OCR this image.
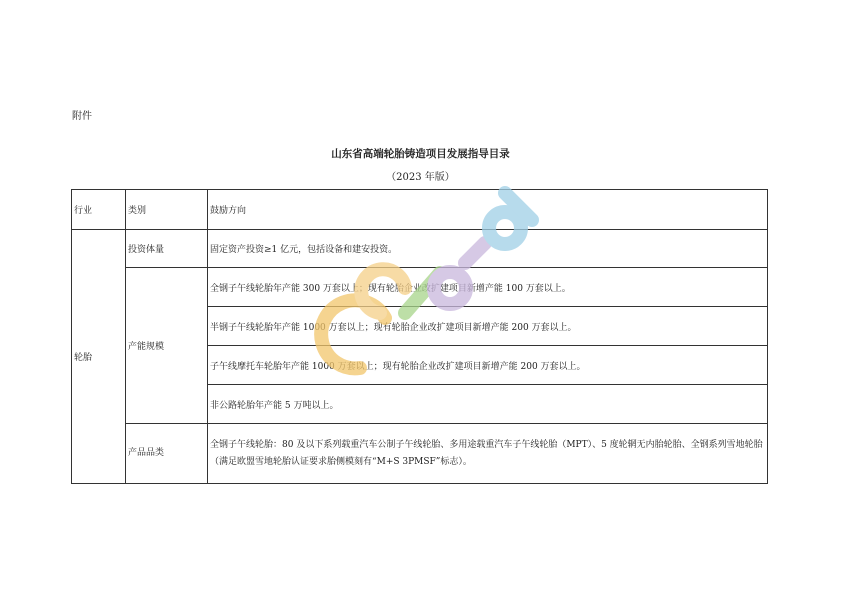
附件
山东省高端轮胎铸造项目发展指导目录
（2023 年版）
行业	类别	鼓励方向
轮胎	投资体量	固定资产投资≥1 亿元，包括设备和建安投资。
	产能规模	全钢子午线轮胎年产能 300 万套以上；现有轮胎企业改扩建项目新增产能 100 万套以上。
		半钢子午线轮胎年产能 1000 万套以上；现有轮胎企业改扩建项目新增产能 200 万套以上。
		子午线摩托车轮胎年产能 1000 万套以上；现有轮胎企业改扩建项目新增产能 200 万套以上。
		非公路轮胎年产能 5 万吨以上。
	产品品类	全钢子午线轮胎：80 及以下系列载重汽车公制子午线轮胎、多用途载重汽车子午线轮胎（MPT）、5 度轮辋无内胎轮胎、全钢系列雪地轮胎（满足欧盟雪地轮胎认证要求胎侧模刻有“M+S 3PMSF”标志）。
